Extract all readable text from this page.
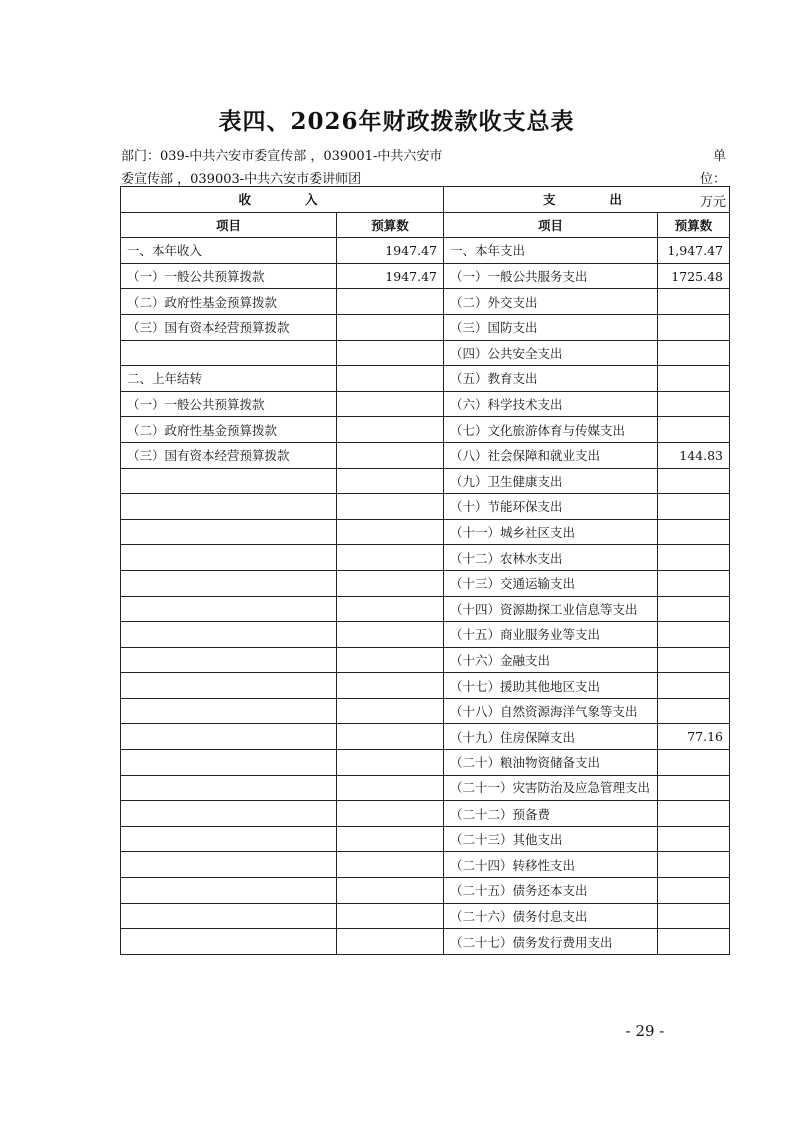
表四、2026年财政拨款收支总表
部门：039-中共六安市委宣传部 ，039001-中共六安市委宣传部 ，039003-中共六安市委讲师团
单位：万元
收 入		支 出	
项目	预算数	项目	预算数
一、本年收入	1947.47	一、本年支出	1,947.47
（一）一般公共预算拨款	1947.47	（一）一般公共服务支出	1725.48
（二）政府性基金预算拨款		（二）外交支出	
（三）国有资本经营预算拨款		（三）国防支出	
		（四）公共安全支出	
二、上年结转		（五）教育支出	
（一）一般公共预算拨款		（六）科学技术支出	
（二）政府性基金预算拨款		（七）文化旅游体育与传媒支出	
（三）国有资本经营预算拨款		（八）社会保障和就业支出	144.83
		（九）卫生健康支出	
		（十）节能环保支出	
		（十一）城乡社区支出	
		（十二）农林水支出	
		（十三）交通运输支出	
		（十四）资源勘探工业信息等支出	
		（十五）商业服务业等支出	
		（十六）金融支出	
		（十七）援助其他地区支出	
		（十八）自然资源海洋气象等支出	
		（十九）住房保障支出	77.16
		（二十）粮油物资储备支出	
		（二十一）灾害防治及应急管理支出	
		（二十二）预备费	
		（二十三）其他支出	
		（二十四）转移性支出	
		（二十五）债务还本支出	
		（二十六）债务付息支出	
		（二十七）债务发行费用支出	
- 29 -
